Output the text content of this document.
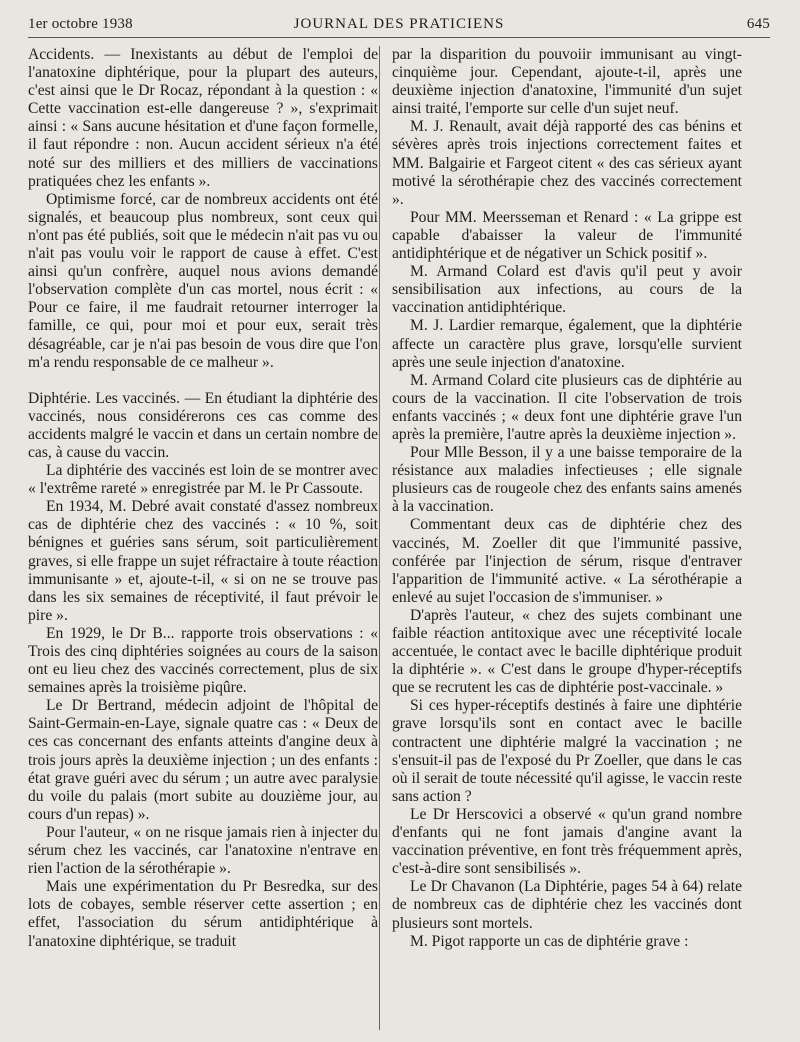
1er octobre 1938	JOURNAL DES PRATICIENS	645

Accidents. — Inexistants au début de l'emploi de l'anatoxine diphtérique, pour la plupart des auteurs, c'est ainsi que le Dr Rocaz, répondant à la question : « Cette vaccination est-elle dangereuse ? », s'exprimait ainsi : « Sans aucune hésitation et d'une façon formelle, il faut répondre : non. Aucun accident sérieux n'a été noté sur des milliers et des milliers de vaccinations pratiquées chez les enfants ».

Optimisme forcé, car de nombreux accidents ont été signalés, et beaucoup plus nombreux, sont ceux qui n'ont pas été publiés, soit que le médecin n'ait pas vu ou n'ait pas voulu voir le rapport de cause à effet. C'est ainsi qu'un confrère, auquel nous avions demandé l'observation complète d'un cas mortel, nous écrit : « Pour ce faire, il me faudrait retourner interroger la famille, ce qui, pour moi et pour eux, serait très désagréable, car je n'ai pas besoin de vous dire que l'on m'a rendu responsable de ce malheur ».

Diphtérie. Les vaccinés. — En étudiant la diphtérie des vaccinés, nous considérerons ces cas comme des accidents malgré le vaccin et dans un certain nombre de cas, à cause du vaccin.

La diphtérie des vaccinés est loin de se montrer avec « l'extrême rareté » enregistrée par M. le Pr Cassoute.

En 1934, M. Debré avait constaté d'assez nombreux cas de diphtérie chez des vaccinés : « 10 %, soit bénignes et guéries sans sérum, soit particulièrement graves, si elle frappe un sujet réfractaire à toute réaction immunisante » et, ajoute-t-il, « si on ne se trouve pas dans les six semaines de réceptivité, il faut prévoir le pire ».

En 1929, le Dr B... rapporte trois observations : « Trois des cinq diphtéries soignées au cours de la saison ont eu lieu chez des vaccinés correctement, plus de six semaines après la troisième piqûre.

Le Dr Bertrand, médecin adjoint de l'hôpital de Saint-Germain-en-Laye, signale quatre cas : « Deux de ces cas concernant des enfants atteints d'angine deux à trois jours après la deuxième injection ; un des enfants : état grave guéri avec du sérum ; un autre avec paralysie du voile du palais (mort subite au douzième jour, au cours d'un repas) ».

Pour l'auteur, « on ne risque jamais rien à injecter du sérum chez les vaccinés, car l'anatoxine n'entrave en rien l'action de la sérothérapie ».

Mais une expérimentation du Pr Besredka, sur des lots de cobayes, semble réserver cette assertion ; en effet, l'association du sérum antidiphtérique à l'anatoxine diphtérique, se traduit

par la disparition du pouvoiir immunisant au vingt-cinquième jour. Cependant, ajoute-t-il, après une deuxième injection d'anatoxine, l'immunité d'un sujet ainsi traité, l'emporte sur celle d'un sujet neuf.

M. J. Renault, avait déjà rapporté des cas bénins et sévères après trois injections correctement faites et MM. Balgairie et Fargeot citent « des cas sérieux ayant motivé la sérothérapie chez des vaccinés correctement ».

Pour MM. Meersseman et Renard : « La grippe est capable d'abaisser la valeur de l'immunité antidiphtérique et de négativer un Schick positif ».

M. Armand Colard est d'avis qu'il peut y avoir sensibilisation aux infections, au cours de la vaccination antidiphtérique.

M. J. Lardier remarque, également, que la diphtérie affecte un caractère plus grave, lorsqu'elle survient après une seule injection d'anatoxine.

M. Armand Colard cite plusieurs cas de diphtérie au cours de la vaccination. Il cite l'observation de trois enfants vaccinés ; « deux font une diphtérie grave l'un après la première, l'autre après la deuxième injection ».

Pour Mlle Besson, il y a une baisse temporaire de la résistance aux maladies infectieuses ; elle signale plusieurs cas de rougeole chez des enfants sains amenés à la vaccination.

Commentant deux cas de diphtérie chez des vaccinés, M. Zoeller dit que l'immunité passive, conférée par l'injection de sérum, risque d'entraver l'apparition de l'immunité active. « La sérothérapie a enlevé au sujet l'occasion de s'immuniser. »

D'après l'auteur, « chez des sujets combinant une faible réaction antitoxique avec une réceptivité locale accentuée, le contact avec le bacille diphtérique produit la diphtérie ». « C'est dans le groupe d'hyper-réceptifs que se recrutent les cas de diphtérie post-vaccinale. »

Si ces hyper-réceptifs destinés à faire une diphtérie grave lorsqu'ils sont en contact avec le bacille contractent une diphtérie malgré la vaccination ; ne s'ensuit-il pas de l'exposé du Pr Zoeller, que dans le cas où il serait de toute nécessité qu'il agisse, le vaccin reste sans action ?

Le Dr Herscovici a observé « qu'un grand nombre d'enfants qui ne font jamais d'angine avant la vaccination préventive, en font très fréquemment après, c'est-à-dire sont sensibilisés ».

Le Dr Chavanon (La Diphtérie, pages 54 à 64) relate de nombreux cas de diphtérie chez les vaccinés dont plusieurs sont mortels.

M. Pigot rapporte un cas de diphtérie grave :
